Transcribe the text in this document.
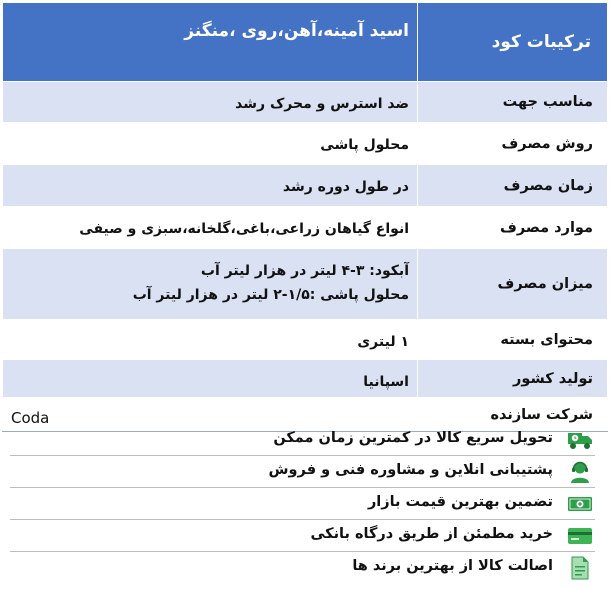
ترکیبات کود	اسید آمینه،آهن،روی ،منگنز
مناسب جهت	ضد استرس و محرک رشد
روش مصرف	محلول پاشی
زمان مصرف	در طول دوره رشد
موارد مصرف	انواع گیاهان زراعی،باغی،گلخانه،سبزی و صیفی
میزان مصرف	آبکود: ۳-۴ لیتر در هزار لیتر آب
محلول پاشی :۱/۵-۲ لیتر در هزار لیتر آب

محتوای بسته	۱ لیتری
تولید کشور	اسپانیا
شرکت سازنده	Coda
تحویل سریع کالا در کمترین زمان ممکن
پشتیبانی انلاین و مشاوره فنی و فروش
تضمین بهترین قیمت بازار
خرید مطمئن از طریق درگاه بانکی
اصالت کالا از بهترین برند ها
